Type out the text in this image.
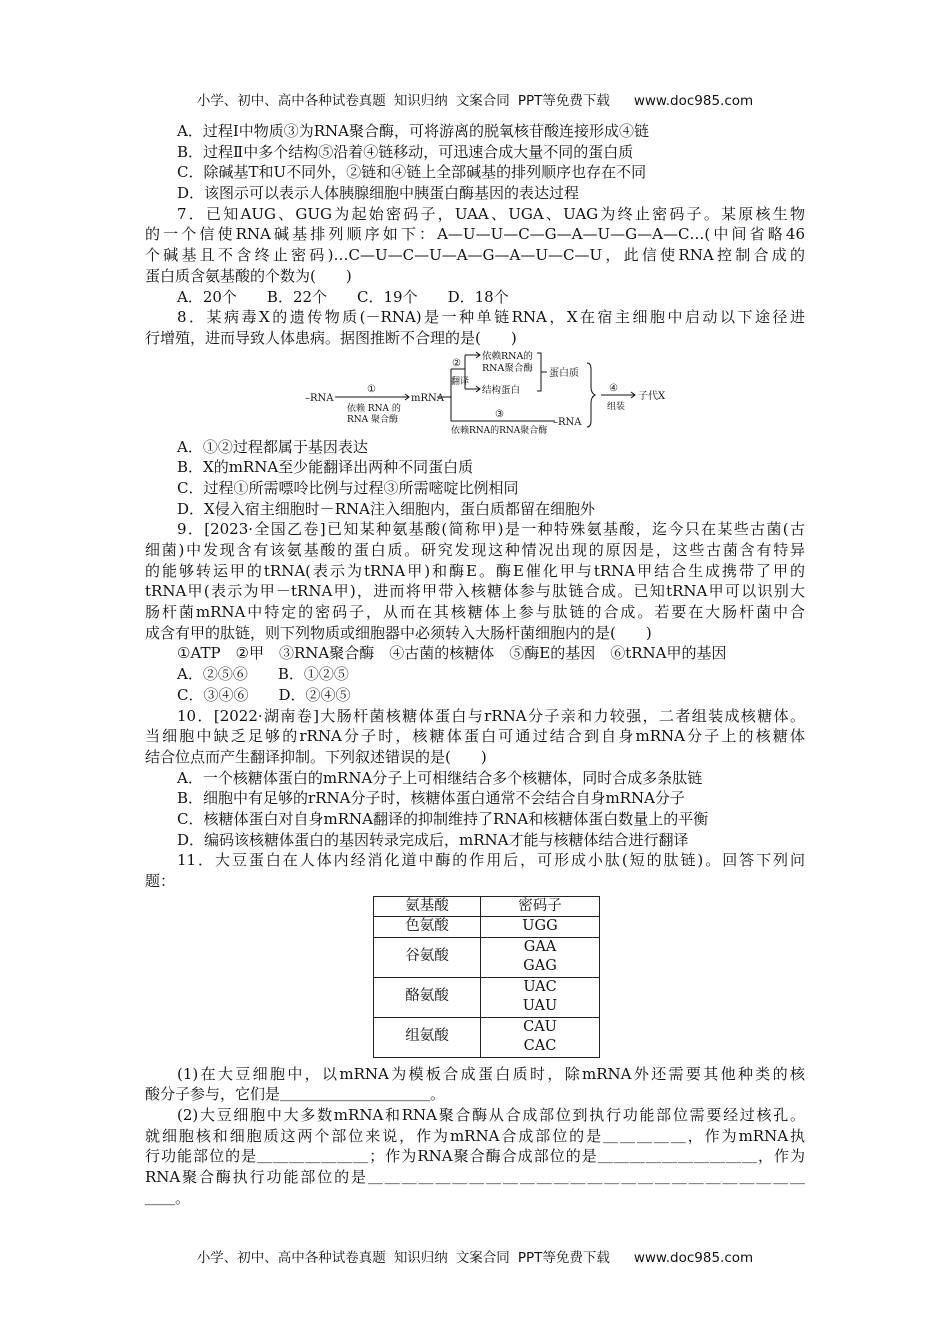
小学、初中、高中各种试卷真题 知识归纳 文案合同 PPT等免费下载 www.doc985.com
A．过程Ⅰ中物质③为RNA聚合酶，可将游离的脱氧核苷酸连接形成④链
B．过程Ⅱ中多个结构⑤沿着④链移动，可迅速合成大量不同的蛋白质
C．除碱基T和U不同外，②链和④链上全部碱基的排列顺序也存在不同
D．该图示可以表示人体胰腺细胞中胰蛋白酶基因的表达过程
7．已知AUG、GUG为起始密码子，UAA、UGA、UAG为终止密码子。某原核生物
的一个信使RNA碱基排列顺序如下：A—U—U—C—G—A—U—G—A—C…(中间省略46
个碱基且不含终止密码)…C—U—C—U—A—G—A—U—C—U，此信使RNA控制合成的
蛋白质含氨基酸的个数为(　　)
A．20个　　B．22个　　C．19个　　D．18个
8．某病毒X的遗传物质(－RNA)是一种单链RNA，X在宿主细胞中启动以下途径进
行增殖，进而导致人体患病。据图推断不合理的是(　　)
–RNA
①
依赖 RNA 的
RNA 聚合酶
mRNA
②
翻译
依赖RNA的
RNA聚合酶
结构蛋白
蛋白质
③
依赖RNA的RNA聚合酶
–RNA
④
组装
子代X
A．①②过程都属于基因表达
B．X的mRNA至少能翻译出两种不同蛋白质
C．过程①所需嘌呤比例与过程③所需嘧啶比例相同
D．X侵入宿主细胞时－RNA注入细胞内，蛋白质都留在细胞外
9．[2023·全国乙卷]已知某种氨基酸(简称甲)是一种特殊氨基酸，迄今只在某些古菌(古
细菌)中发现含有该氨基酸的蛋白质。研究发现这种情况出现的原因是，这些古菌含有特异
的能够转运甲的tRNA(表示为tRNA甲)和酶E。酶E催化甲与tRNA甲结合生成携带了甲的
tRNA甲(表示为甲－tRNA甲)，进而将甲带入核糖体参与肽链合成。已知tRNA甲可以识别大
肠杆菌mRNA中特定的密码子，从而在其核糖体上参与肽链的合成。若要在大肠杆菌中合
成含有甲的肽链，则下列物质或细胞器中必须转入大肠杆菌细胞内的是(　　)
①ATP　②甲　③RNA聚合酶　④古菌的核糖体　⑤酶E的基因　⑥tRNA甲的基因
A．②⑤⑥　　B．①②⑤
C．③④⑥　　D．②④⑤
10．[2022·湖南卷]大肠杆菌核糖体蛋白与rRNA分子亲和力较强，二者组装成核糖体。
当细胞中缺乏足够的rRNA分子时，核糖体蛋白可通过结合到自身mRNA分子上的核糖体
结合位点而产生翻译抑制。下列叙述错误的是(　　)
A．一个核糖体蛋白的mRNA分子上可相继结合多个核糖体，同时合成多条肽链
B．细胞中有足够的rRNA分子时，核糖体蛋白通常不会结合自身mRNA分子
C．核糖体蛋白对自身mRNA翻译的抑制维持了RNA和核糖体蛋白数量上的平衡
D．编码该核糖体蛋白的基因转录完成后，mRNA才能与核糖体结合进行翻译
11．大豆蛋白在人体内经消化道中酶的作用后，可形成小肽(短的肽链)。回答下列问
题：
氨基酸	密码子
色氨酸	UGG
谷氨酸	GAA
	GAG
酪氨酸	UAC
	UAU
组氨酸	CAU
	CAC
(1)在大豆细胞中，以mRNA为模板合成蛋白质时，除mRNA外还需要其他种类的核
酸分子参与，它们是＿＿＿＿＿＿＿＿＿＿。
(2)大豆细胞中大多数mRNA和RNA聚合酶从合成部位到执行功能部位需要经过核孔。
就细胞核和细胞质这两个部位来说，作为mRNA合成部位的是＿＿＿＿＿，作为mRNA执
行功能部位的是＿＿＿＿＿＿＿；作为RNA聚合酶合成部位的是＿＿＿＿＿＿＿＿＿＿，作为
RNA聚合酶执行功能部位的是＿＿＿＿＿＿＿＿＿＿＿＿＿＿＿＿＿＿＿＿＿＿＿＿＿＿
＿＿。
小学、初中、高中各种试卷真题 知识归纳 文案合同 PPT等免费下载 www.doc985.com
